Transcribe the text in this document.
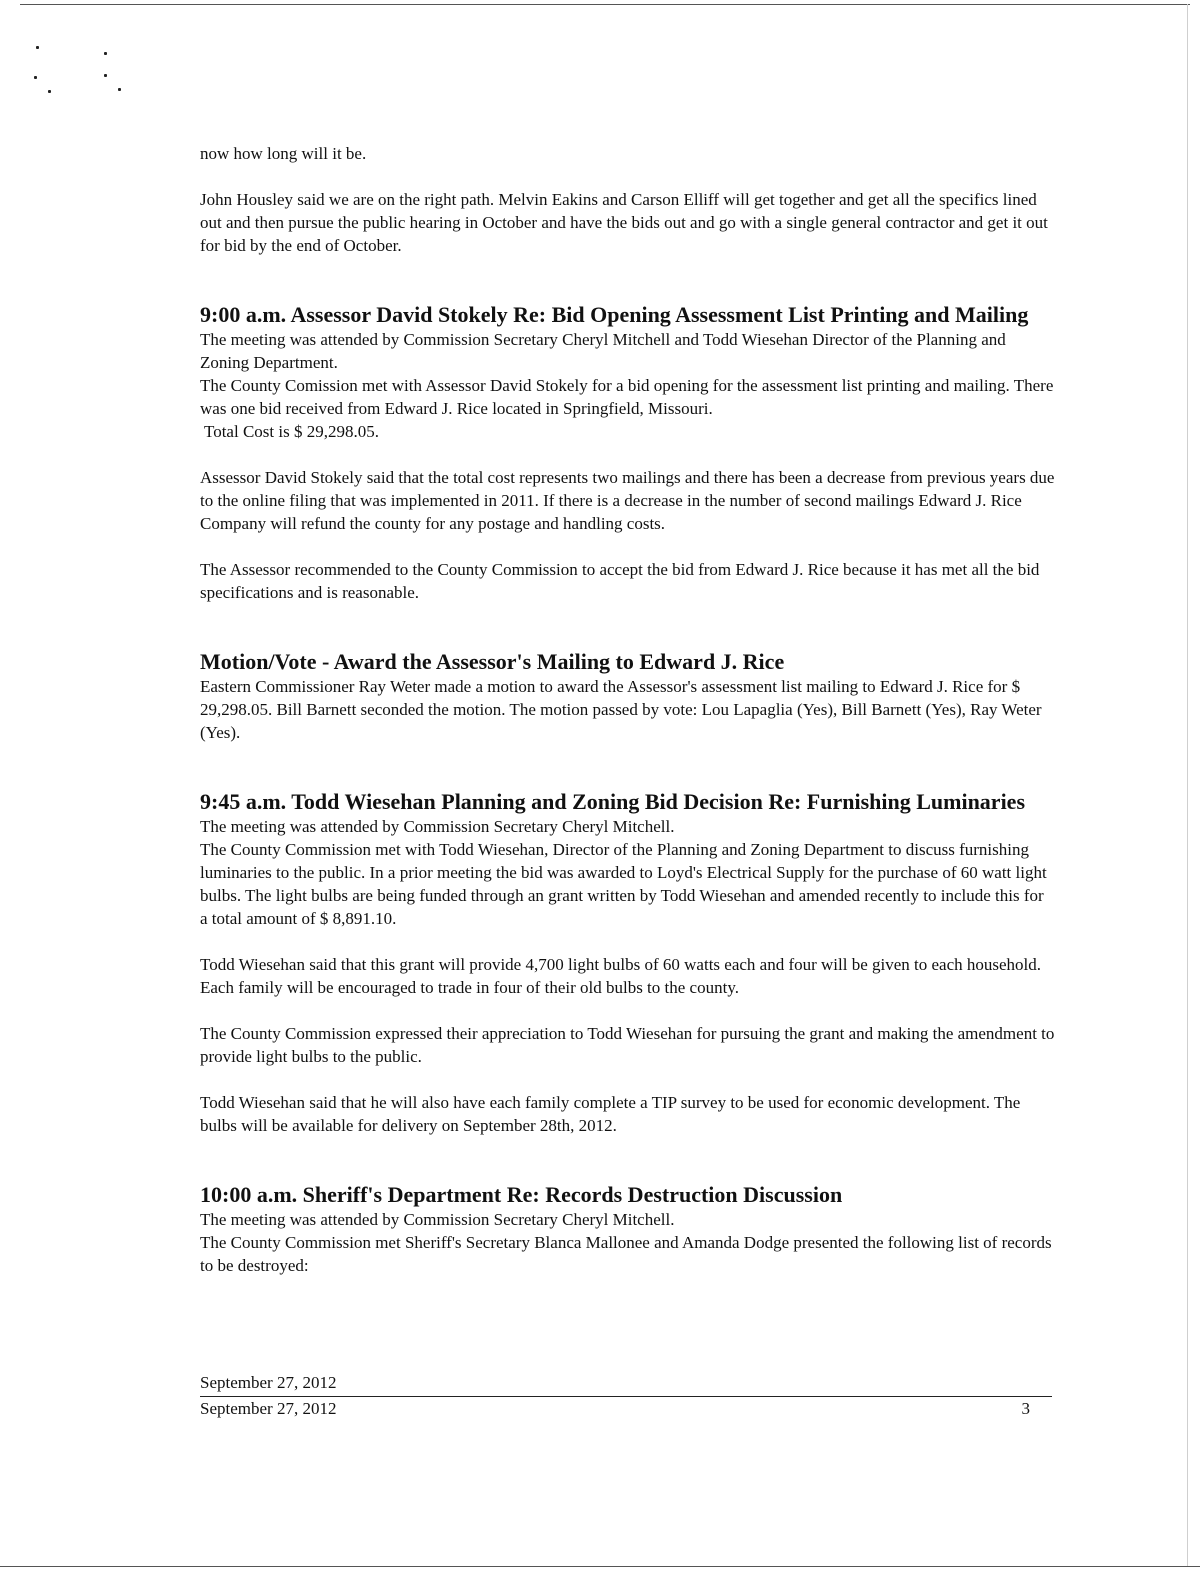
now how long will it be.

John Housley said we are on the right path. Melvin Eakins and Carson Elliff will get together and get all the specifics lined out and then pursue the public hearing in October and have the bids out and go with a single general contractor and get it out for bid by the end of October.

9:00 a.m. Assessor David Stokely Re: Bid Opening Assessment List Printing and Mailing

The meeting was attended by Commission Secretary Cheryl Mitchell and Todd Wiesehan Director of the Planning and Zoning Department.

The County Comission met with Assessor David Stokely for a bid opening for the assessment list printing and mailing. There was one bid received from Edward J. Rice located in Springfield, Missouri.

Total Cost is $ 29,298.05.

Assessor David Stokely said that the total cost represents two mailings and there has been a decrease from previous years due to the online filing that was implemented in 2011. If there is a decrease in the number of second mailings Edward J. Rice Company will refund the county for any postage and handling costs.

The Assessor recommended to the County Commission to accept the bid from Edward J. Rice because it has met all the bid specifications and is reasonable.

Motion/Vote - Award the Assessor's Mailing to Edward J. Rice

Eastern Commissioner Ray Weter made a motion to award the Assessor's assessment list mailing to Edward J. Rice for $ 29,298.05. Bill Barnett seconded the motion. The motion passed by vote: Lou Lapaglia (Yes), Bill Barnett (Yes), Ray Weter (Yes).

9:45 a.m. Todd Wiesehan Planning and Zoning Bid Decision Re: Furnishing Luminaries

The meeting was attended by Commission Secretary Cheryl Mitchell.

The County Commission met with Todd Wiesehan, Director of the Planning and Zoning Department to discuss furnishing luminaries to the public. In a prior meeting the bid was awarded to Loyd's Electrical Supply for the purchase of 60 watt light bulbs. The light bulbs are being funded through an grant written by Todd Wiesehan and amended recently to include this for a total amount of $ 8,891.10.

Todd Wiesehan said that this grant will provide 4,700 light bulbs of 60 watts each and four will be given to each household. Each family will be encouraged to trade in four of their old bulbs to the county.

The County Commission expressed their appreciation to Todd Wiesehan for pursuing the grant and making the amendment to provide light bulbs to the public.

Todd Wiesehan said that he will also have each family complete a TIP survey to be used for economic development. The bulbs will be available for delivery on September 28th, 2012.

10:00 a.m. Sheriff's Department Re: Records Destruction Discussion

The meeting was attended by Commission Secretary Cheryl Mitchell.

The County Commission met Sheriff's Secretary Blanca Mallonee and Amanda Dodge presented the following list of records to be destroyed:

September 27, 2012
September 27, 2012	3
